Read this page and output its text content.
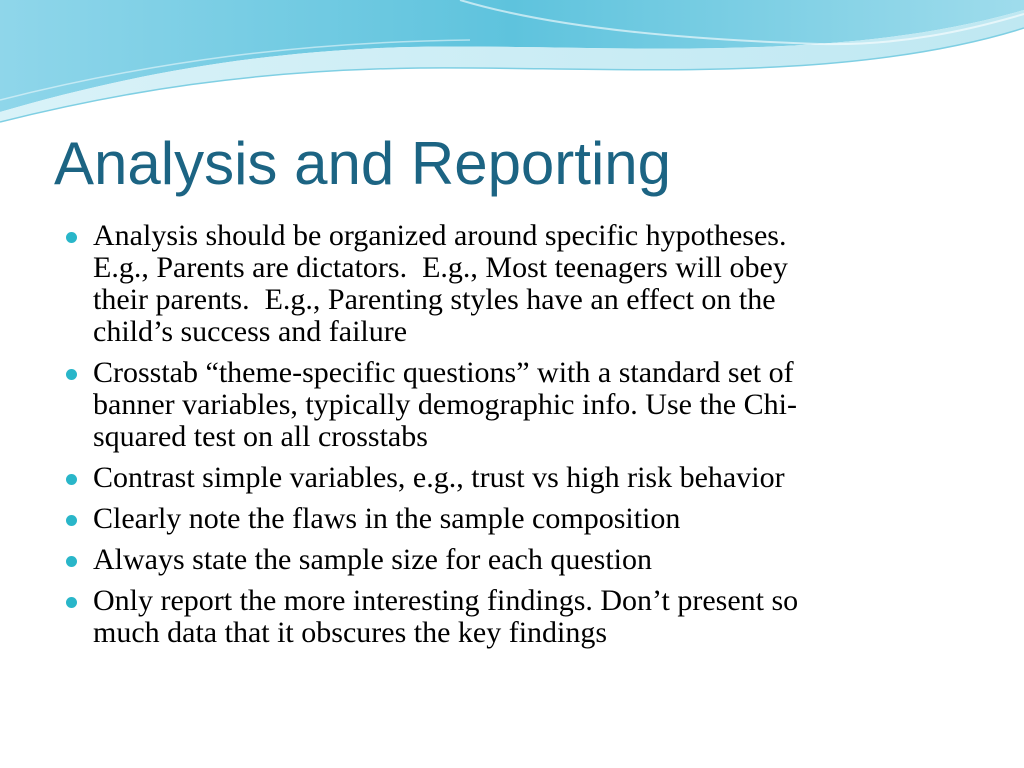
Analysis and Reporting
Analysis should be organized around specific hypotheses.
E.g., Parents are dictators.  E.g., Most teenagers will obey
their parents.  E.g., Parenting styles have an effect on the
child’s success and failure
Crosstab “theme-specific questions” with a standard set of
banner variables, typically demographic info. Use the Chi-
squared test on all crosstabs
Contrast simple variables, e.g., trust vs high risk behavior
Clearly note the flaws in the sample composition
Always state the sample size for each question
Only report the more interesting findings. Don’t present so
much data that it obscures the key findings
